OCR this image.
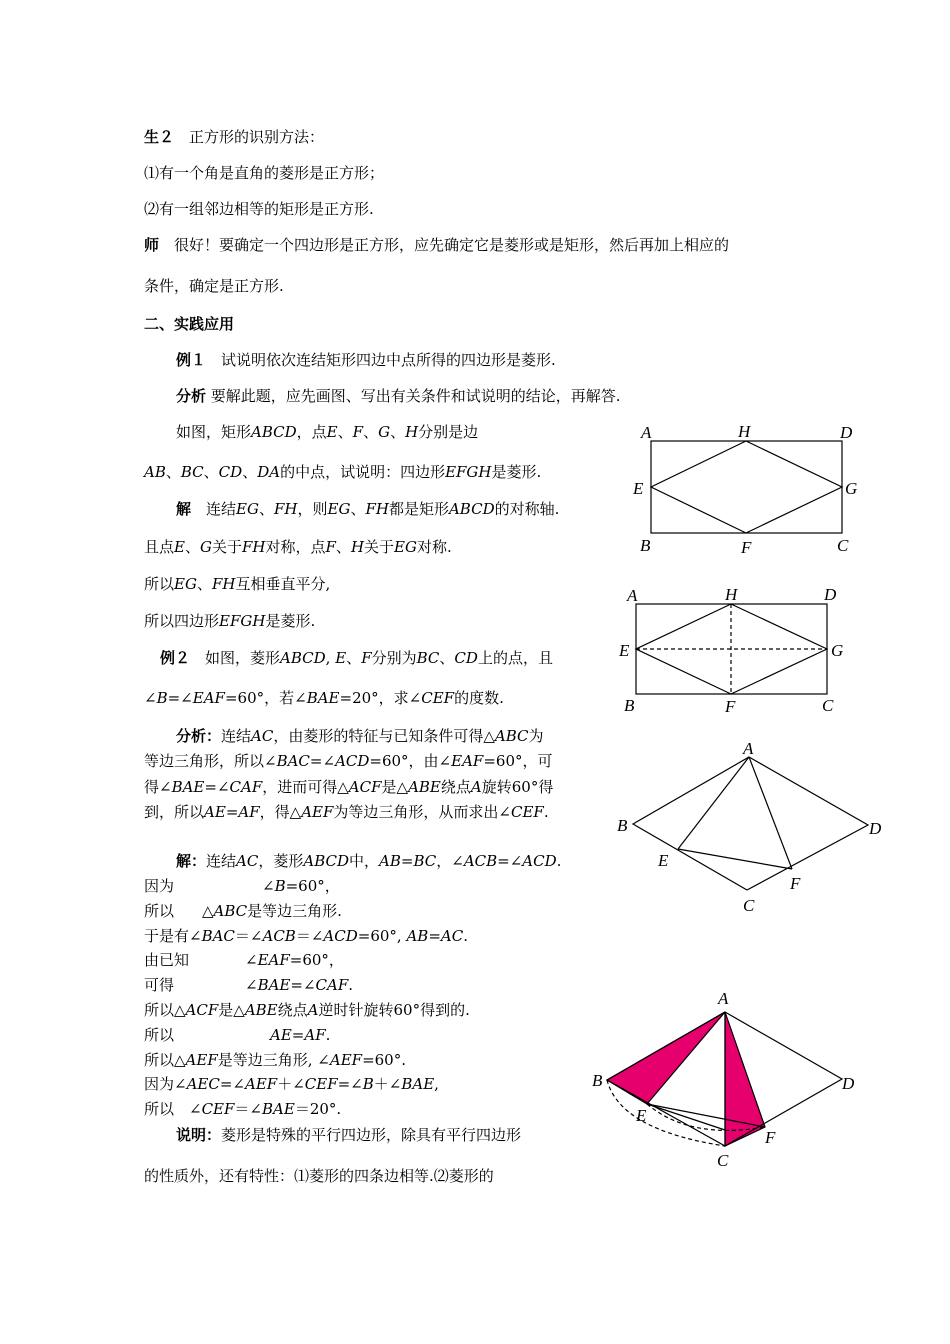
生２　正方形的识别方法：
⑴有一个角是直角的菱形是正方形；
⑵有一组邻边相等的矩形是正方形.
师　很好！要确定一个四边形是正方形，应先确定它是菱形或是矩形，然后再加上相应的
条件，确定是正方形.
二、实践应用
例１　试说明依次连结矩形四边中点所得的四边形是菱形.
分析 要解此题，应先画图、写出有关条件和试说明的结论，再解答.
如图，矩形ABCD，点E、F、G、H分别是边
AB、BC、CD、DA的中点，试说明：四边形EFGH是菱形.
解　连结EG、FH，则EG、FH都是矩形ABCD的对称轴.
且点E、G关于FH对称，点F、H关于EG对称.
所以EG、FH互相垂直平分,
所以四边形EFGH是菱形.
例２　如图，菱形ABCD, E、F分别为BC、CD上的点，且
∠B=∠EAF=60°，若∠BAE=20°，求∠CEF的度数.
分析：连结AC，由菱形的特征与已知条件可得△ABC为
等边三角形，所以∠BAC=∠ACD=60°，由∠EAF=60°，可
得∠BAE=∠CAF，进而可得△ACF是△ABE绕点A旋转60°得
到，所以AE=AF，得△AEF为等边三角形，从而求出∠CEF.
解：连结AC，菱形ABCD中，AB=BC，∠ACB=∠ACD.
因为	∠B=60°，
所以 △ABC是等边三角形.
于是有∠BAC＝∠ACB＝∠ACD=60°, AB=AC.
由已知	∠EAF=60°，
可得	∠BAE=∠CAF.
所以△ACF是△ABE绕点A逆时针旋转60°得到的.
所以	AE=AF.
所以△AEF是等边三角形, ∠AEF=60°.
因为∠AEC=∠AEF＋∠CEF=∠B＋∠BAE,
所以　∠CEF＝∠BAE＝20°.
说明：菱形是特殊的平行四边形，除具有平行四边形
的性质外，还有特性：⑴菱形的四条边相等.⑵菱形的
A	H	D
E	G
B	F	C
A	H	D
E	G
B	F	C
A
B	D
E
F
C
A
B	D
E
F
C
